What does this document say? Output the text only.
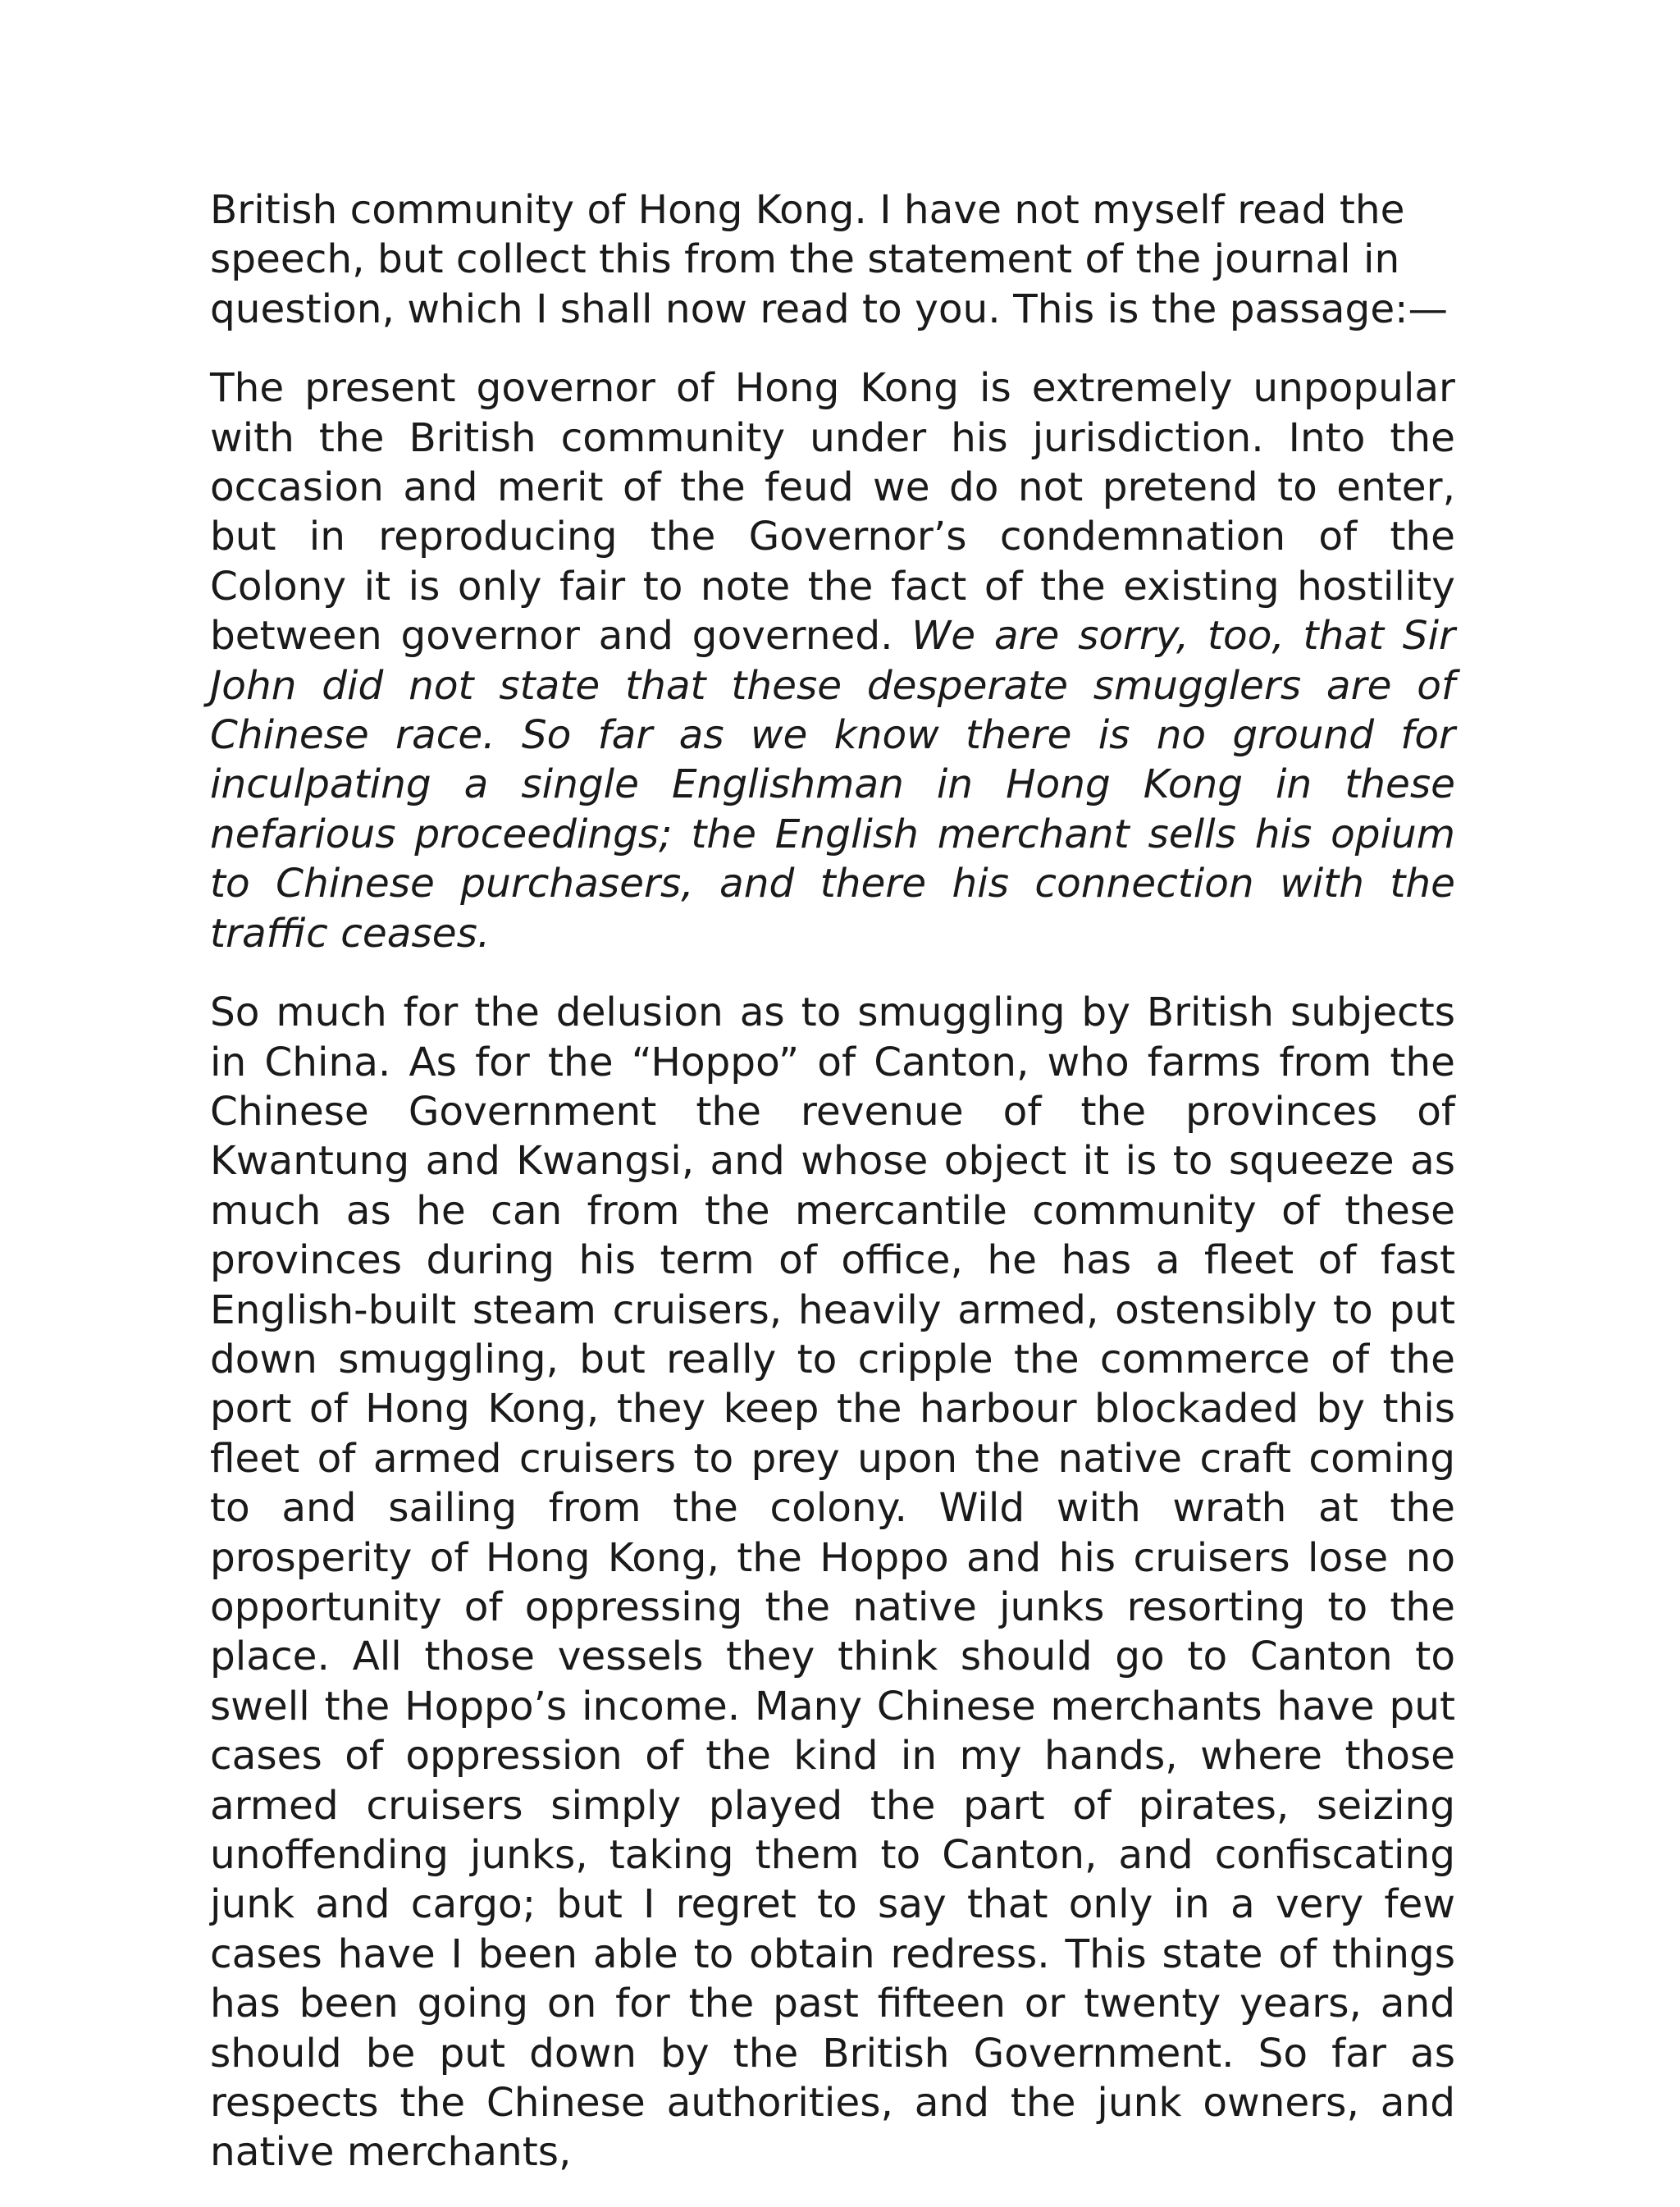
British community of Hong Kong. I have not myself read the speech, but collect this from the statement of the journal in question, which I shall now read to you. This is the passage:—

The present governor of Hong Kong is extremely unpopular with the British community under his jurisdiction. Into the occasion and merit of the feud we do not pretend to enter, but in reproducing the Governor’s condemnation of the Colony it is only fair to note the fact of the existing hostility between governor and governed. We are sorry, too, that Sir John did not state that these desperate smugglers are of Chinese race. So far as we know there is no ground for inculpating a single Englishman in Hong Kong in these nefarious proceedings; the English merchant sells his opium to Chinese purchasers, and there his connection with the traffic ceases.

So much for the delusion as to smuggling by British subjects in China. As for the “Hoppo” of Canton, who farms from the Chinese Government the revenue of the provinces of Kwantung and Kwangsi, and whose object it is to squeeze as much as he can from the mercantile community of these provinces during his term of office, he has a fleet of fast English-built steam cruisers, heavily armed, ostensibly to put down smuggling, but really to cripple the commerce of the port of Hong Kong, they keep the harbour blockaded by this fleet of armed cruisers to prey upon the native craft coming to and sailing from the colony. Wild with wrath at the prosperity of Hong Kong, the Hoppo and his cruisers lose no opportunity of oppressing the native junks resorting to the place. All those vessels they think should go to Canton to swell the Hoppo’s income. Many Chinese merchants have put cases of oppression of the kind in my hands, where those armed cruisers simply played the part of pirates, seizing unoffending junks, taking them to Canton, and confiscating junk and cargo; but I regret to say that only in a very few cases have I been able to obtain redress. This state of things has been going on for the past fifteen or twenty years, and should be put down by the British Government. So far as respects the Chinese authorities, and the junk owners, and native merchants,
